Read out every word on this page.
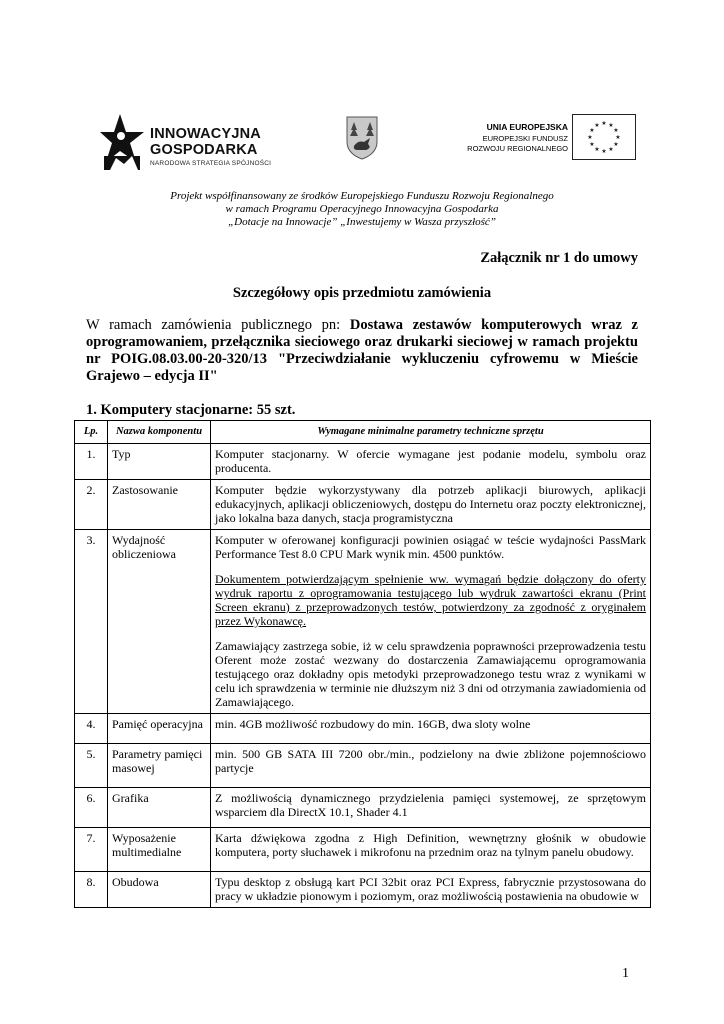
INNOWACYJNA
GOSPODARKA
NARODOWA STRATEGIA SPÓJNOŚCI
UNIA EUROPEJSKA
EUROPEJSKI FUNDUSZ
ROZWOJU REGIONALNEGO
★ ★
★
★
★
★
★
★
★
★
★
★
Projekt współfinansowany ze środków Europejskiego Funduszu Rozwoju Regionalnego
w ramach Programu Operacyjnego Innowacyjna Gospodarka
„Dotacje na Innowacje” „Inwestujemy w Wasza przyszłość”
Załącznik nr 1 do umowy
Szczegółowy opis przedmiotu zamówienia
W ramach zamówienia publicznego pn: Dostawa zestawów komputerowych wraz z oprogramowaniem, przełącznika sieciowego oraz drukarki sieciowej w ramach projektu nr POIG.08.03.00-20-320/13 "Przeciwdziałanie wykluczeniu cyfrowemu w Mieście Grajewo – edycja II"
1. Komputery stacjonarne: 55 szt.
Lp.	Nazwa komponentu	Wymagane minimalne parametry techniczne sprzętu
1.	Typ	Komputer stacjonarny. W ofercie wymagane jest podanie modelu, symbolu oraz producenta.

2.	Zastosowanie	Komputer będzie wykorzystywany dla potrzeb aplikacji biurowych, aplikacji edukacyjnych, aplikacji obliczeniowych, dostępu do Internetu oraz poczty elektronicznej, jako lokalna baza danych, stacja programistyczna

3.	Wydajność obliczeniowa	Komputer w oferowanej konfiguracji powinien osiągać w teście wydajności PassMark Performance Test 8.0 CPU Mark wynik min. 4500 punktów.
Dokumentem potwierdzającym spełnienie ww. wymagań będzie dołączony do oferty wydruk raportu z oprogramowania testującego lub wydruk zawartości ekranu (Print Screen ekranu) z przeprowadzonych testów, potwierdzony za zgodność z oryginałem przez Wykonawcę.
Zamawiający zastrzega sobie, iż w celu sprawdzenia poprawności przeprowadzenia testu Oferent może zostać wezwany do dostarczenia Zamawiającemu oprogramowania testującego oraz dokładny opis metodyki przeprowadzonego testu wraz z wynikami w celu ich sprawdzenia w terminie nie dłuższym niż 3 dni od otrzymania zawiadomienia od Zamawiającego.

4.	Pamięć operacyjna	min. 4GB możliwość rozbudowy do min. 16GB, dwa sloty wolne

5.	Parametry pamięci masowej	min. 500 GB SATA III 7200 obr./min., podzielony na dwie zbliżone pojemnościowo partycje

6.	Grafika	Z możliwością dynamicznego przydzielenia pamięci systemowej, ze sprzętowym wsparciem dla DirectX 10.1, Shader 4.1

7.	Wyposażenie multimedialne	Karta dźwiękowa zgodna z High Definition, wewnętrzny głośnik w obudowie komputera, porty słuchawek i mikrofonu na przednim oraz na tylnym panelu obudowy.

8.	Obudowa	Typu desktop z obsługą kart PCI 32bit oraz PCI Express, fabrycznie przystosowana do pracy w układzie pionowym i poziomym, oraz możliwością postawienia na obudowie w
1
